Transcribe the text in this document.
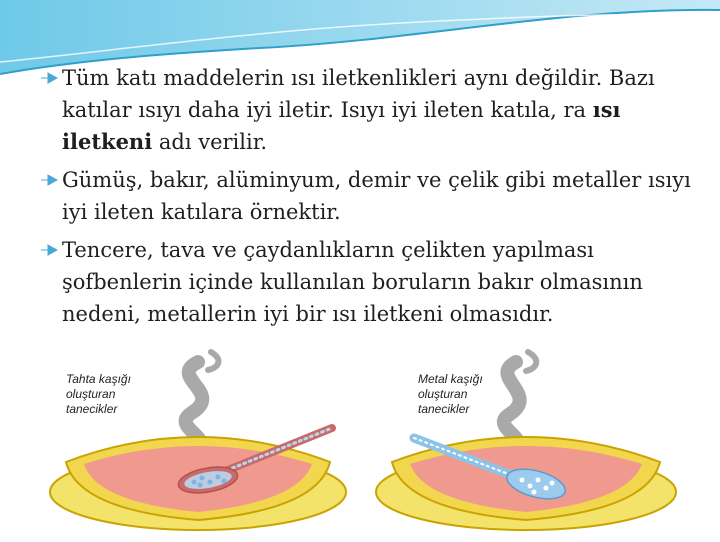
Tüm katı maddelerin ısı iletkenlikleri aynı değildir. Bazı katılar ısıyı daha iyi iletir. Isıyı iyi ileten katıla, ra ısı iletkeni adı verilir.
Gümüş, bakır, alüminyum, demir ve çelik gibi metaller ısıyı iyi ileten katılara örnektir.
Tencere, tava ve çaydanlıkların çelikten yapılması şofbenlerin içinde kullanılan boruların bakır olmasının nedeni, metallerin iyi bir ısı iletkeni olmasıdır.
Tahta kaşığı
oluşturan
tanecikler
Metal kaşığı
oluşturan
tanecikler
